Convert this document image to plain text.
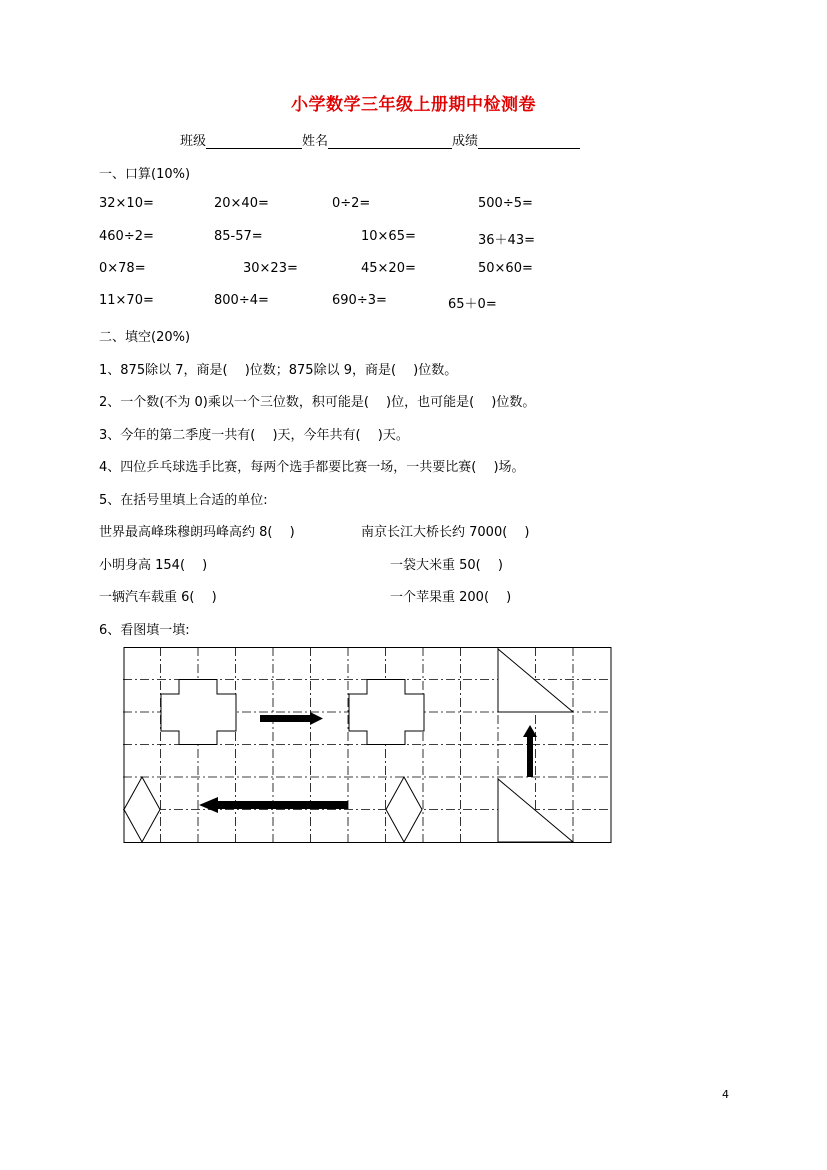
小学数学三年级上册期中检测卷
班级	姓名	成绩
一、口算(10%)
32×10=	20×40=	0÷2=	500÷5=
460÷2=	85-57=	10×65=	36＋43=
0×78=	30×23=	45×20=	50×60=
11×70=	800÷4=	690÷3=	65＋0=
二、填空(20%)
1、875除以 7，商是(　 )位数；875除以 9，商是(　 )位数。
2、一个数(不为 0)乘以一个三位数，积可能是(　 )位，也可能是(　 )位数。
3、今年的第二季度一共有(　 )天，今年共有(　 )天。
4、四位乒乓球选手比赛，每两个选手都要比赛一场，一共要比赛(　 )场。
5、在括号里填上合适的单位:
世界最高峰珠穆朗玛峰高约 8(　 )	南京长江大桥长约 7000(　 )
小明身高 154(　 )	一袋大米重 50(　 )
一辆汽车载重 6(　 )	一个苹果重 200(　 )
6、看图填一填:
4
